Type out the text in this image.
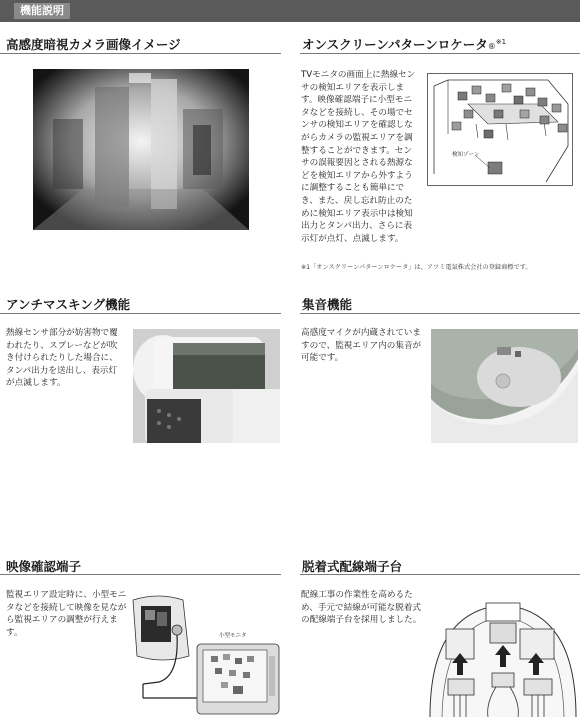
機能説明
高感度暗視カメラ画像イメージ	オンスクリーンパターンロケータ®$^{※1}$
TVモニタの画面上に熱線センサの検知エリアを表示します。映像確認端子に小型モニタなどを接続し、その場でセンサの検知エリアを確認しながらカメラの監視エリアを調整することができます。センサの誤報要因とされる熱源などを検知エリアから外すように調整することも簡単にでき、また、戻し忘れ防止のために検知エリア表示中は検知出力とタンパ出力、さらに表示灯が点灯、点滅します。
検知ゾーン
※1「オンスクリーンパターンロケータ」は、アツミ電氣株式会社の登録商標です。
アンチマスキング機能
熱線センサ部分が妨害物で覆われたり、スプレーなどが吹き付けられたりした場合に、タンパ出力を送出し、表示灯が点滅します。
集音機能
高感度マイクが内蔵されていますので、監視エリア内の集音が可能です。
映像確認端子
監視エリア設定時に、小型モニタなどを接続して映像を見ながら監視エリアの調整が行えます。	小型モニタ
脱着式配線端子台
配線工事の作業性を高めるため、手元で結線が可能な脱着式の配線端子台を採用しました。
